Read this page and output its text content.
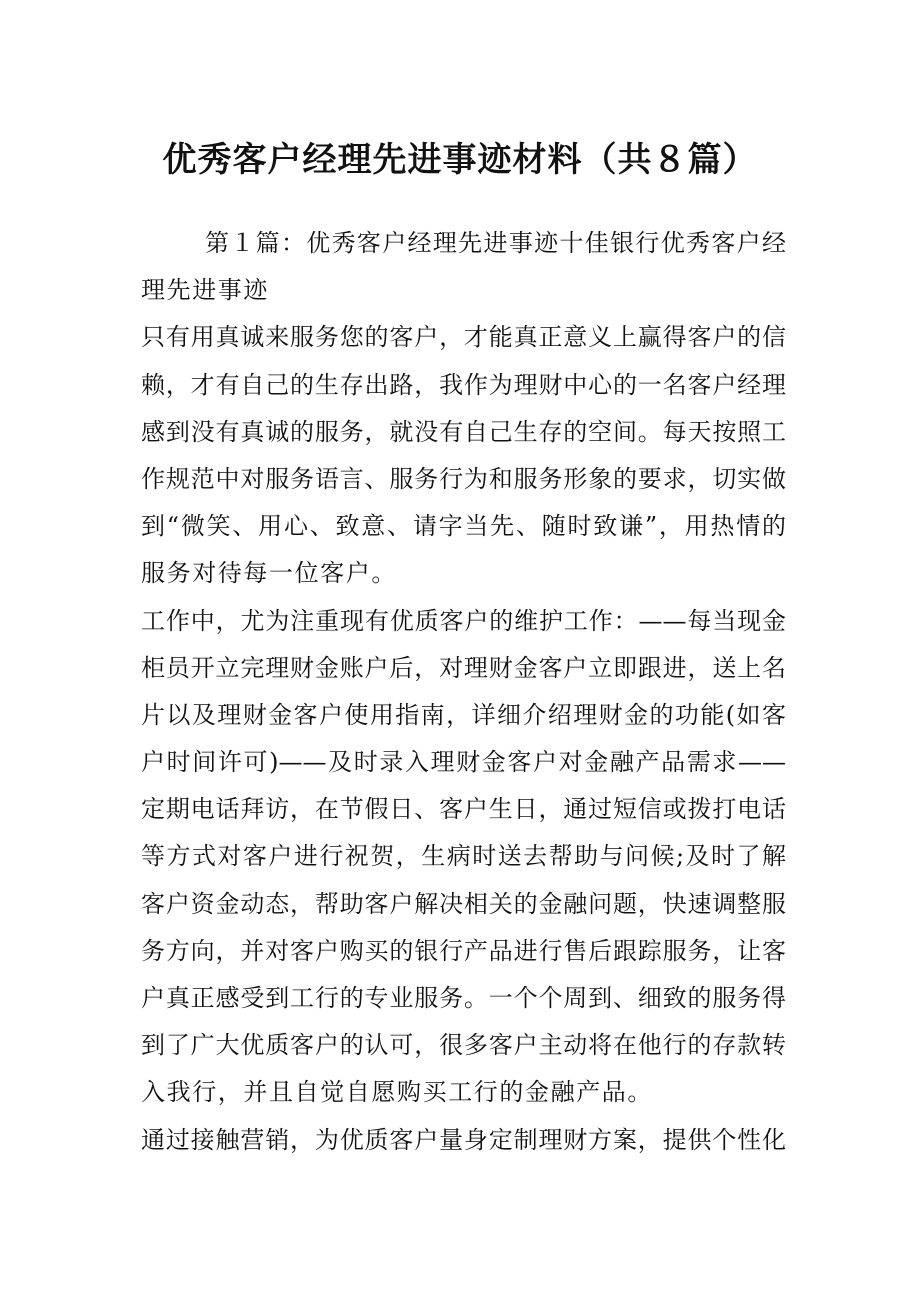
优秀客户经理先进事迹材料（共８篇）
第１篇：优秀客户经理先进事迹十佳银行优秀客户经
理先进事迹
只有用真诚来服务您的客户，才能真正意义上赢得客户的信
赖，才有自己的生存出路，我作为理财中心的一名客户经理
感到没有真诚的服务，就没有自己生存的空间。每天按照工
作规范中对服务语言、服务行为和服务形象的要求，切实做
到“微笑、用心、致意、请字当先、随时致谦”，用热情的
服务对待每一位客户。
工作中，尤为注重现有优质客户的维护工作：——每当现金
柜员开立完理财金账户后，对理财金客户立即跟进，送上名
片以及理财金客户使用指南，详细介绍理财金的功能(如客
户时间许可)——及时录入理财金客户对金融产品需求——
定期电话拜访，在节假日、客户生日，通过短信或拨打电话
等方式对客户进行祝贺，生病时送去帮助与问候;及时了解
客户资金动态，帮助客户解决相关的金融问题，快速调整服
务方向，并对客户购买的银行产品进行售后跟踪服务，让客
户真正感受到工行的专业服务。一个个周到、细致的服务得
到了广大优质客户的认可，很多客户主动将在他行的存款转
入我行，并且自觉自愿购买工行的金融产品。
通过接触营销，为优质客户量身定制理财方案，提供个性化
